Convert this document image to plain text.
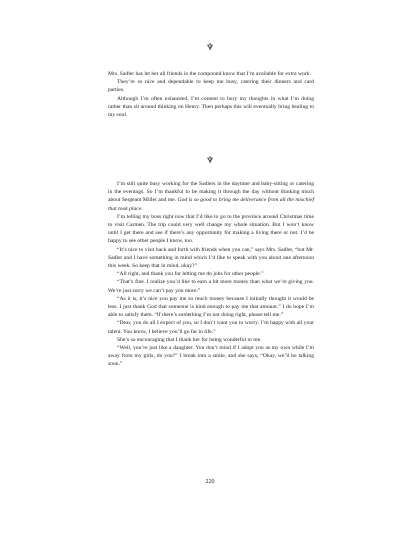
♆

Mrs. Sadler has let her all friends in the compound know that I’m available for extra work.

They’re so nice and dependable to keep me busy, catering their dinners and card parties.

Although I’m often exhausted, I’m content to bury my thoughts in what I’m doing rather than sit around thinking on Henry. Then perhaps this will eventually bring healing to my soul.

♆

I’m still quite busy working for the Sadlers in the daytime and baby-sitting or catering in the evenings. So I’m thankful to be making it through the day without thinking much about Sergeant Miller and me. God is so good to bring me deliverance from all the mischief that took place.

I’m telling my boss right now that I’d like to go to the province around Christmas time to visit Carmen. The trip could very well change my whole situation. But I won’t know until I get there and see if there’s any opportunity for making a living there or not. I’d be happy to see other people I know, too.

“It’s nice to visit back and forth with friends when you can,” says Mrs. Sadler, “but Mr. Sadler and I have something in mind which I’d like to speak with you about one afternoon this week. So keep that in mind, okay?”

“All right, and thank you for letting me do jobs for other people.”

“That’s fine. I realize you’d like to earn a bit more money than what we’re giving you. We’re just sorry we can’t pay you more.”

“As it is, it’s nice you pay me so much money because I initially thought it would be less. I just thank God that someone is kind enough to pay me that amount.” I do hope I’m able to satisfy them. “If there’s something I’m not doing right, please tell me.”

“Dear, you do all I expect of you, so I don’t want you to worry. I’m happy with all your talent. You know, I believe you’ll go far in life.”

She’s so encouraging that I thank her for being wonderful to me.

“Well, you’re just like a daughter. You don’t mind if I adopt you as my own while I’m away from my girls, do you?” I break into a smile, and she says, “Okay, we’ll be talking soon.”

220
